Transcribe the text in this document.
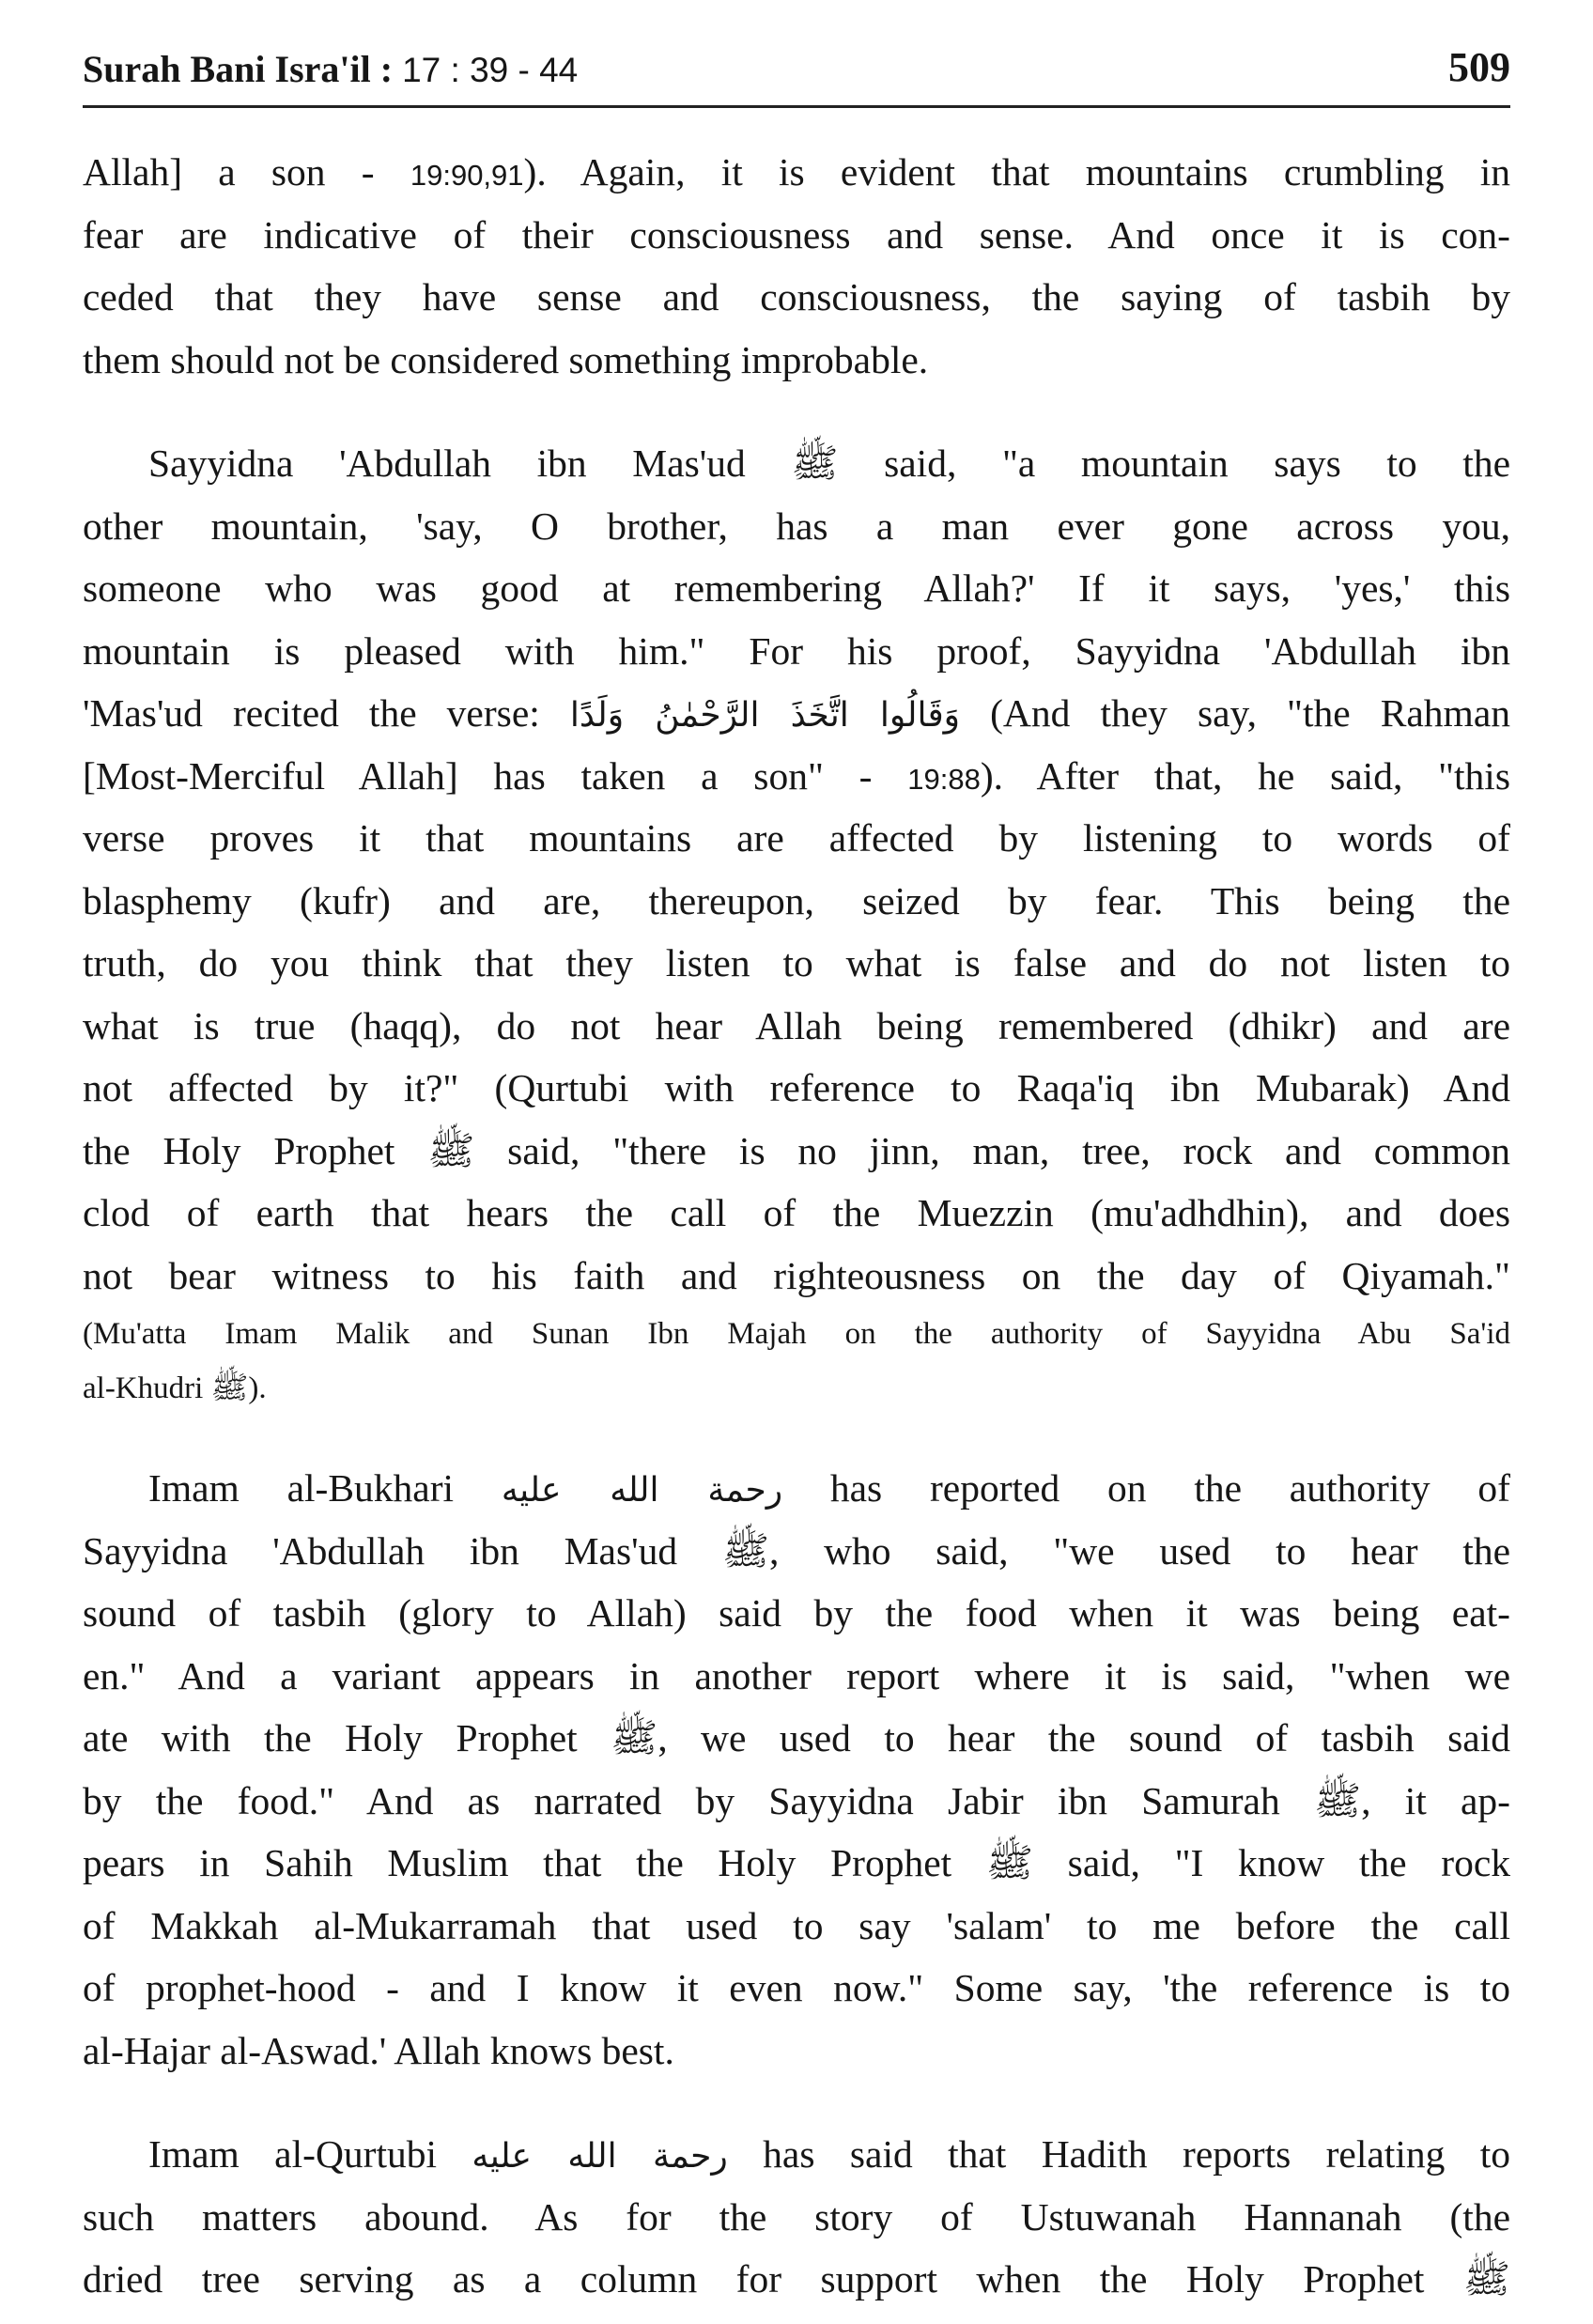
Surah Bani Isra'il : 17 : 39 - 44	509
Allah] a son - 19:90,91). Again, it is evident that mountains crumbling in
fear are indicative of their consciousness and sense. And once it is con-
ceded that they have sense and consciousness, the saying of tasbih by
them should not be considered something improbable.
Sayyidna 'Abdullah ibn Mas'ud ﷺ said, "a mountain says to the
other mountain, 'say, O brother, has a man ever gone across you,
someone who was good at remembering Allah?' If it says, 'yes,' this
mountain is pleased with him." For his proof, Sayyidna 'Abdullah ibn
'Mas'ud recited the verse: وَقَالُوا اتَّخَذَ الرَّحْمٰنُ وَلَدًا (And they say, "the Rahman
[Most-Merciful Allah] has taken a son" - 19:88). After that, he said, "this
verse proves it that mountains are affected by listening to words of
blasphemy (kufr) and are, thereupon, seized by fear. This being the
truth, do you think that they listen to what is false and do not listen to
what is true (haqq), do not hear Allah being remembered (dhikr) and are
not affected by it?" (Qurtubi with reference to Raqa'iq ibn Mubarak) And
the Holy Prophet ﷺ said, "there is no jinn, man, tree, rock and common
clod of earth that hears the call of the Muezzin (mu'adhdhin), and does
not bear witness to his faith and righteousness on the day of Qiyamah."
(Mu'atta Imam Malik and Sunan Ibn Majah on the authority of Sayyidna Abu Sa'id
al-Khudri ﷺ).
Imam al-Bukhari رحمة الله عليه has reported on the authority of
Sayyidna 'Abdullah ibn Mas'ud ﷺ, who said, "we used to hear the
sound of tasbih (glory to Allah) said by the food when it was being eat-
en." And a variant appears in another report where it is said, "when we
ate with the Holy Prophet ﷺ, we used to hear the sound of tasbih said
by the food." And as narrated by Sayyidna Jabir ibn Samurah ﷺ, it ap-
pears in Sahih Muslim that the Holy Prophet ﷺ said, "I know the rock
of Makkah al-Mukarramah that used to say 'salam' to me before the call
of prophet-hood - and I know it even now." Some say, 'the reference is to
al-Hajar al-Aswad.' Allah knows best.
Imam al-Qurtubi رحمة الله عليه has said that Hadith reports relating to
such matters abound. As for the story of Ustuwanah Hannanah (the
dried tree serving as a column for support when the Holy Prophet ﷺ
